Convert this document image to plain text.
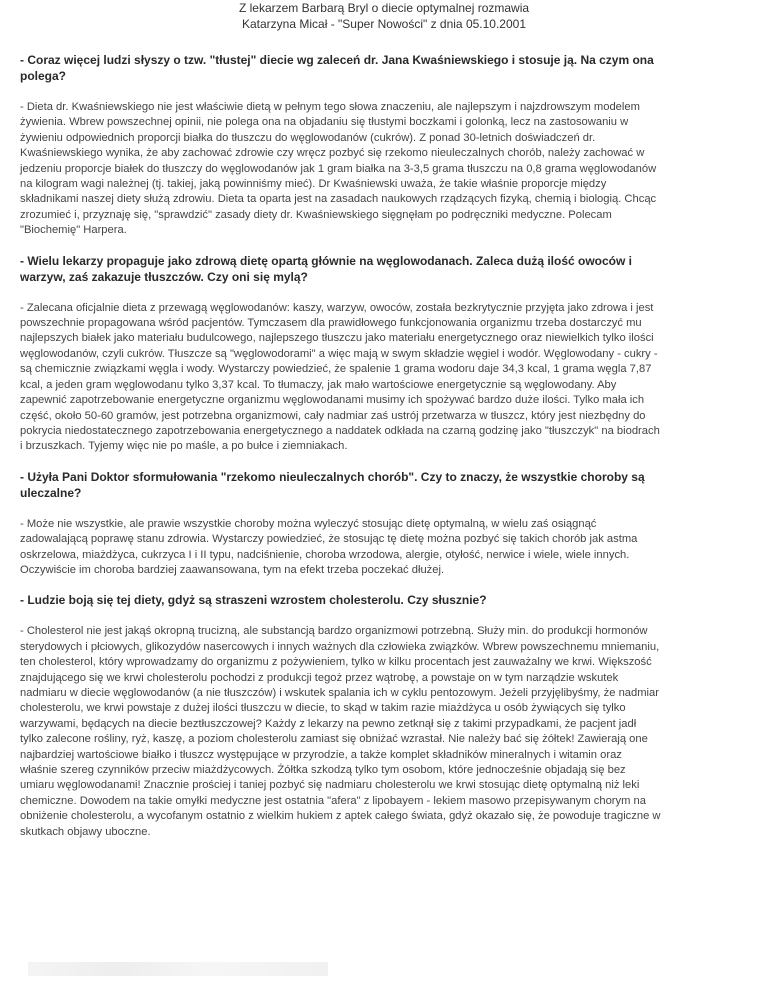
Z lekarzem Barbarą Bryl o diecie optymalnej rozmawia
Katarzyna Micał - "Super Nowości" z dnia 05.10.2001
- Coraz więcej ludzi słyszy o tzw. "tłustej" diecie wg zaleceń dr. Jana Kwaśniewskiego i stosuje ją. Na czym ona polega?
- Dieta dr. Kwaśniewskiego nie jest właściwie dietą w pełnym tego słowa znaczeniu, ale najlepszym i najzdrowszym modelem żywienia. Wbrew powszechnej opinii, nie polega ona na objadaniu się tłustymi boczkami i golonką, lecz na zastosowaniu w żywieniu odpowiednich proporcji białka do tłuszczu do węglowodanów (cukrów). Z ponad 30-letnich doświadczeń dr. Kwaśniewskiego wynika, że aby zachować zdrowie czy wręcz pozbyć się rzekomo nieuleczalnych chorób, należy zachować w jedzeniu proporcje białek do tłuszczy do węglowodanów jak 1 gram białka na 3-3,5 grama tłuszczu na 0,8 grama węglowodanów na kilogram wagi należnej (tj. takiej, jaką powinniśmy mieć). Dr Kwaśniewski uważa, że takie właśnie proporcje między składnikami naszej diety służą zdrowiu. Dieta ta oparta jest na zasadach naukowych rządzących fizyką, chemią i biologią. Chcąc zrozumieć i, przyznaję się, "sprawdzić" zasady diety dr. Kwaśniewskiego sięgnęłam po podręczniki medyczne. Polecam "Biochemię" Harpera.
- Wielu lekarzy propaguje jako zdrową dietę opartą głównie na węglowodanach. Zaleca dużą ilość owoców i warzyw, zaś zakazuje tłuszczów. Czy oni się mylą?
- Zalecana oficjalnie dieta z przewagą węglowodanów: kaszy, warzyw, owoców, została bezkrytycznie przyjęta jako zdrowa i jest powszechnie propagowana wśród pacjentów. Tymczasem dla prawidłowego funkcjonowania organizmu trzeba dostarczyć mu najlepszych białek jako materiału budulcowego, najlepszego tłuszczu jako materiału energetycznego oraz niewielkich tylko ilości węglowodanów, czyli cukrów. Tłuszcze są "węglowodorami" a więc mają w swym składzie węgiel i wodór. Węglowodany - cukry - są chemicznie związkami węgla i wody. Wystarczy powiedzieć, że spalenie 1 grama wodoru daje 34,3 kcal, 1 grama węgla 7,87 kcal, a jeden gram węglowodanu tylko 3,37 kcal. To tłumaczy, jak mało wartościowe energetycznie są węglowodany. Aby zapewnić zapotrzebowanie energetyczne organizmu węglowodanami musimy ich spożywać bardzo duże ilości. Tylko mała ich część, około 50-60 gramów, jest potrzebna organizmowi, cały nadmiar zaś ustrój przetwarza w tłuszcz, który jest niezbędny do pokrycia niedostatecznego zapotrzebowania energetycznego a naddatek odkłada na czarną godzinę jako "tłuszczyk" na biodrach i brzuszkach. Tyjemy więc nie po maśle, a po bułce i ziemniakach.
- Użyła Pani Doktor sformułowania "rzekomo nieuleczalnych chorób". Czy to znaczy, że wszystkie choroby są uleczalne?
- Może nie wszystkie, ale prawie wszystkie choroby można wyleczyć stosując dietę optymalną, w wielu zaś osiągnąć zadowalającą poprawę stanu zdrowia. Wystarczy powiedzieć, że stosując tę dietę można pozbyć się takich chorób jak astma oskrzelowa, miażdżyca, cukrzyca I i II typu, nadciśnienie, choroba wrzodowa, alergie, otyłość, nerwice i wiele, wiele innych. Oczywiście im choroba bardziej zaawansowana, tym na efekt trzeba poczekać dłużej.
- Ludzie boją się tej diety, gdyż są straszeni wzrostem cholesterolu. Czy słusznie?
- Cholesterol nie jest jakąś okropną trucizną, ale substancją bardzo organizmowi potrzebną. Służy min. do produkcji hormonów sterydowych i płciowych, glikozydów nasercowych i innych ważnych dla człowieka związków. Wbrew powszechnemu mniemaniu, ten cholesterol, który wprowadzamy do organizmu z pożywieniem, tylko w kilku procentach jest zauważalny we krwi. Większość znajdującego się we krwi cholesterolu pochodzi z produkcji tegoż przez wątrobę, a powstaje on w tym narządzie wskutek nadmiaru w diecie węglowodanów (a nie tłuszczów) i wskutek spalania ich w cyklu pentozowym. Jeżeli przyjęlibyśmy, że nadmiar cholesterolu, we krwi powstaje z dużej ilości tłuszczu w diecie, to skąd w takim razie miażdżyca u osób żywiących się tylko warzywami, będących na diecie beztłuszczowej? Każdy z lekarzy na pewno zetknął się z takimi przypadkami, że pacjent jadł tylko zalecone rośliny, ryż, kaszę, a poziom cholesterolu zamiast się obniżać wzrastał. Nie należy bać się żółtek! Zawierają one najbardziej wartościowe białko i tłuszcz występujące w przyrodzie, a także komplet składników mineralnych i witamin oraz właśnie szereg czynników przeciw miażdżycowych. Żółtka szkodzą tylko tym osobom, które jednocześnie objadają się bez umiaru węglowodanami! Znacznie prościej i taniej pozbyć się nadmiaru cholesterolu we krwi stosując dietę optymalną niż leki chemiczne. Dowodem na takie omyłki medyczne jest ostatnia "afera" z lipobayem - lekiem masowo przepisywanym chorym na obniżenie cholesterolu, a wycofanym ostatnio z wielkim hukiem z aptek całego świata, gdyż okazało się, że powoduje tragiczne w skutkach objawy uboczne.
